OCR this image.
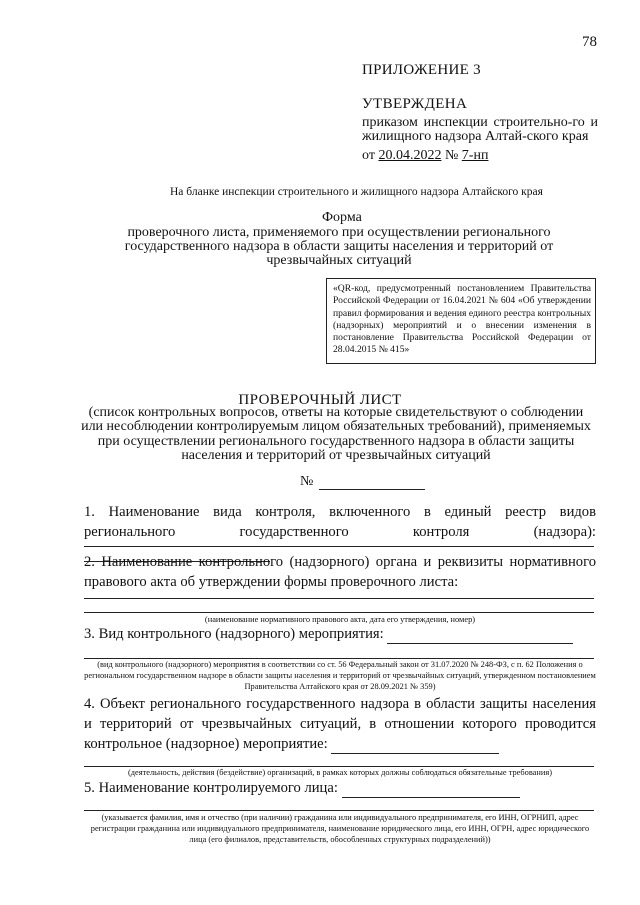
78
ПРИЛОЖЕНИЕ 3
УТВЕРЖДЕНА
приказом инспекции строительно-го и жилищного надзора Алтай-ского края
от 20.04.2022 № 7-нп
На бланке инспекции строительного и жилищного надзора Алтайского края
Форма
проверочного листа, применяемого при осуществлении регионального государственного надзора в области защиты населения и территорий от чрезвычайных ситуаций
«QR-код, предусмотренный постановлением Правительства Российской Федерации от 16.04.2021 № 604 «Об утверждении правил формирования и ведения единого реестра контрольных (надзорных) мероприятий и о внесении изменения в постановление Правительства Российской Федерации от 28.04.2015 № 415»
ПРОВЕРОЧНЫЙ ЛИСТ
(список контрольных вопросов, ответы на которые свидетельствуют о соблюдении или несоблюдении контролируемым лицом обязательных требований), применяемых при осуществлении регионального государственного надзора в области защиты населения и территорий от чрезвычайных ситуаций
№
1. Наименование вида контроля, включенного в единый реестр видов регионального государственного контроля (надзора):
2. Наименование контрольного (надзорного) органа и реквизиты нормативного правового акта об утверждении формы проверочного листа:
(наименование нормативного правового акта, дата его утверждения, номер)
3. Вид контрольного (надзорного) мероприятия:
(вид контрольного (надзорного) мероприятия в соответствии со ст. 56 Федеральный закон от 31.07.2020 № 248-ФЗ, с п. 62 Положения о региональном государственном надзоре в области защиты населения и территорий от чрезвычайных ситуаций, утвержденном постановлением Правительства Алтайского края от 28.09.2021 № 359)
4. Объект регионального государственного надзора в области защиты населения и территорий от чрезвычайных ситуаций, в отношении которого проводится контрольное (надзорное) мероприятие:
(деятельность, действия (бездействие) организаций, в рамках которых должны соблюдаться обязательные требования)
5. Наименование контролируемого лица:
(указывается фамилия, имя и отчество (при наличии) гражданина или индивидуального предпринимателя, его ИНН, ОГРНИП, адрес регистрации гражданина или индивидуального предпринимателя, наименование юридического лица, его ИНН, ОГРН, адрес юридического лица (его филиалов, представительств, обособленных структурных подразделений))
